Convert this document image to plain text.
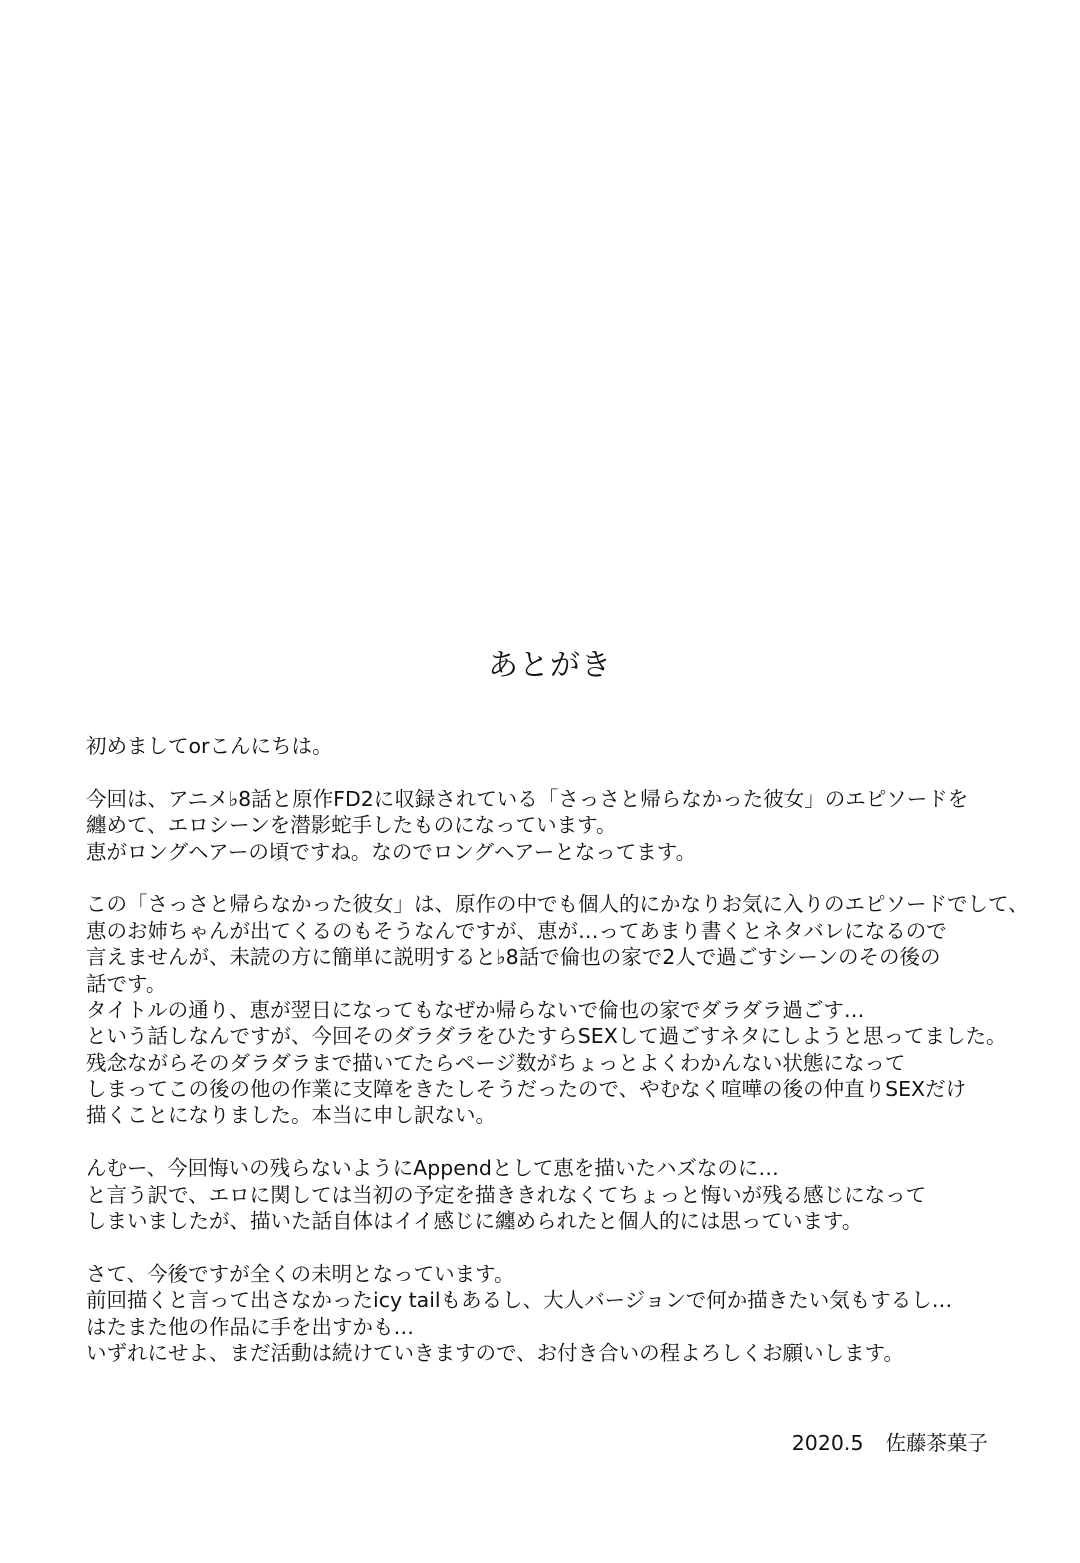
あとがき
初めましてorこんにちは。
今回は、アニメ♭8話と原作FD2に収録されている「さっさと帰らなかった彼女」のエピソードを
纏めて、エロシーンを潜影蛇手したものになっています。
恵がロングヘアーの頃ですね。なのでロングヘアーとなってます。
この「さっさと帰らなかった彼女」は、原作の中でも個人的にかなりお気に入りのエピソードでして、
恵のお姉ちゃんが出てくるのもそうなんですが、恵が…ってあまり書くとネタバレになるので
言えませんが、未読の方に簡単に説明すると♭8話で倫也の家で2人で過ごすシーンのその後の
話です。
タイトルの通り、恵が翌日になってもなぜか帰らないで倫也の家でダラダラ過ごす…
という話しなんですが、今回そのダラダラをひたすらSEXして過ごすネタにしようと思ってました。
残念ながらそのダラダラまで描いてたらページ数がちょっとよくわかんない状態になって
しまってこの後の他の作業に支障をきたしそうだったので、やむなく喧嘩の後の仲直りSEXだけ
描くことになりました。本当に申し訳ない。
んむー、今回悔いの残らないようにAppendとして恵を描いたハズなのに…
と言う訳で、エロに関しては当初の予定を描ききれなくてちょっと悔いが残る感じになって
しまいましたが、描いた話自体はイイ感じに纏められたと個人的には思っています。
さて、今後ですが全くの未明となっています。
前回描くと言って出さなかったicy tailもあるし、大人バージョンで何か描きたい気もするし…
はたまた他の作品に手を出すかも…
いずれにせよ、まだ活動は続けていきますので、お付き合いの程よろしくお願いします。
2020.5 佐藤茶菓子
